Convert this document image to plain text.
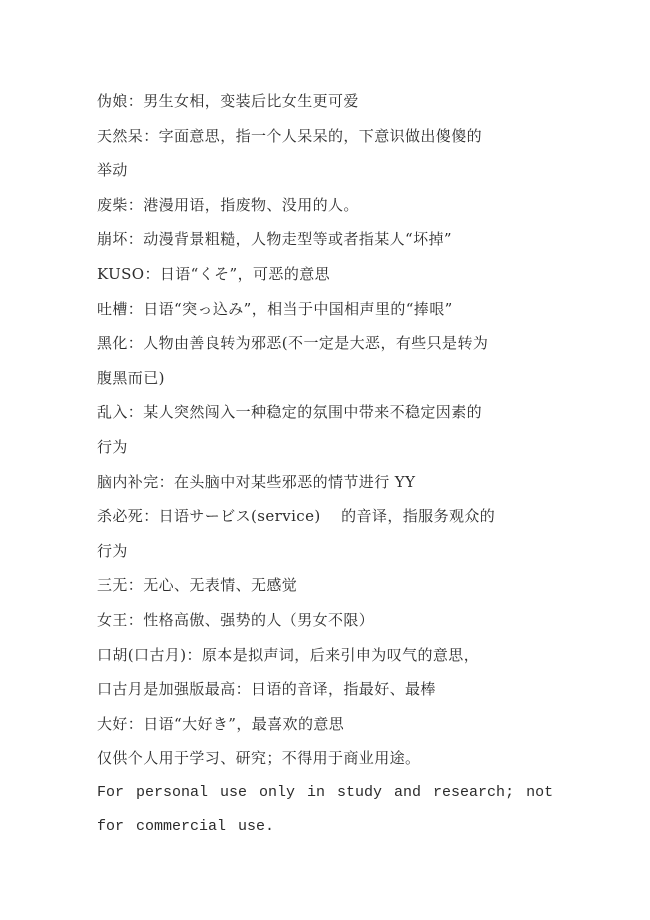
伪娘：男生女相，变装后比女生更可爱
天然呆：字面意思，指一个人呆呆的，下意识做出傻傻的
举动
废柴：港漫用语，指废物、没用的人。
崩坏：动漫背景粗糙，人物走型等或者指某人“坏掉”
KUSO：日语“くそ”，可恶的意思
吐槽：日语“突っ込み”，相当于中国相声里的“捧哏”
黑化：人物由善良转为邪恶(不一定是大恶，有些只是转为
腹黑而已)
乱入：某人突然闯入一种稳定的氛围中带来不稳定因素的
行为
脑内补完：在头脑中对某些邪恶的情节进行 YY
杀必死：日语サービス(service)　 的音译，指服务观众的
行为
三无：无心、无表情、无感觉
女王：性格高傲、强势的人（男女不限）
口胡(口古月)：原本是拟声词，后来引申为叹气的意思，
口古月是加强版最高：日语的音译，指最好、最棒
大好：日语“大好き”，最喜欢的意思
仅供个人用于学习、研究；不得用于商业用途。
For personal use only in study and research; not
for commercial use.
